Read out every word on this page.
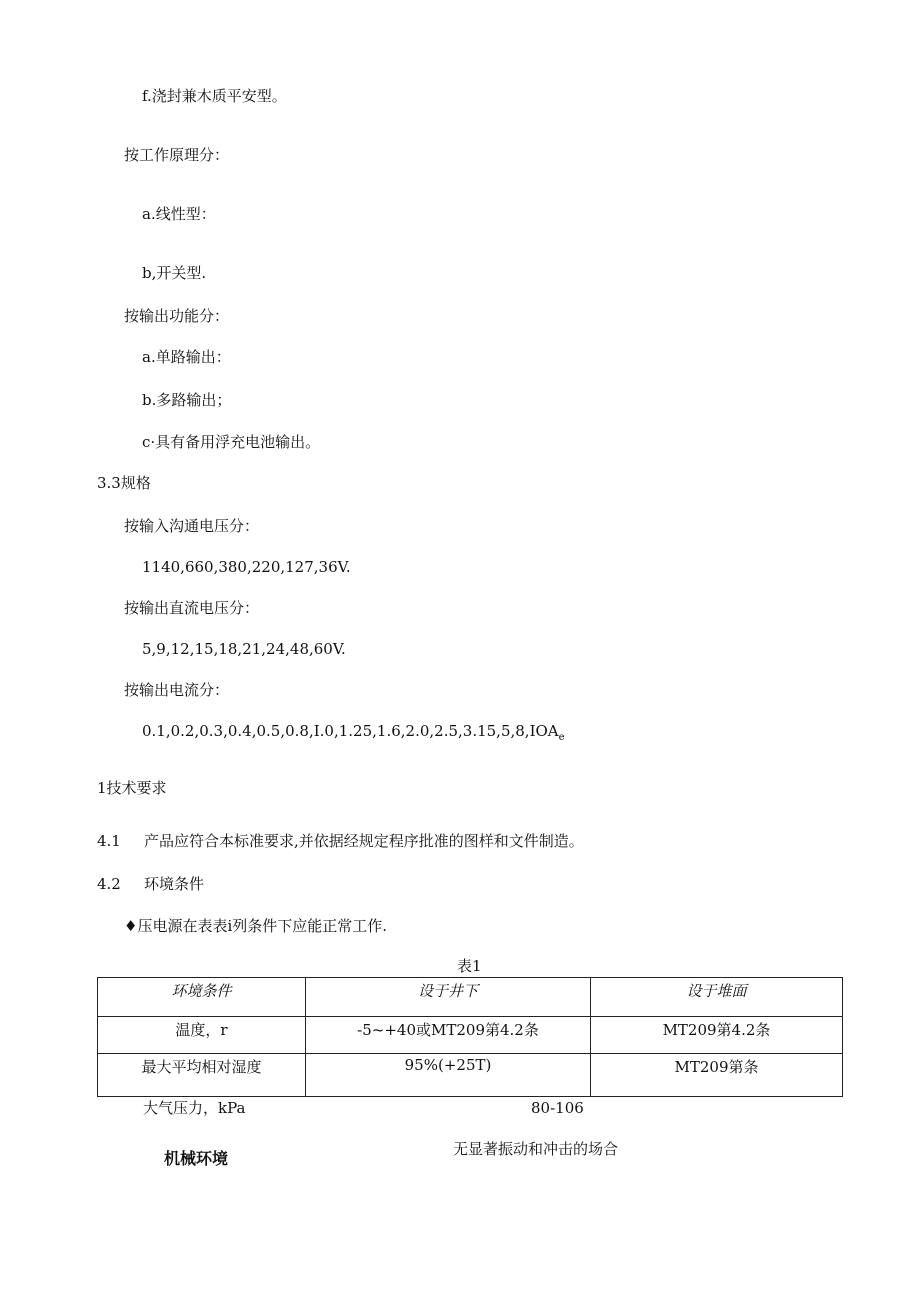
f.浇封兼木质平安型。
按工作原理分：
a.线性型：
b,开关型.
按输出功能分：
a.单路输出：
b.多路输出；
c·具有备用浮充电池输出。
3.3规格
按输入沟通电压分：
1140,660,380,220,127,36V.
按输出直流电压分：
5,9,12,15,18,21,24,48,60V.
按输出电流分：
$0.1,0.2,0.3,0.4,0.5,0.8,I.0,1.25,1.6,2.0,2.5,3.15,5,8,IOA_e$
1技术要求
4.1 产品应符合本标准要求,并依据经规定程序批准的图样和文件制造。
4.2 环境条件
♦压电源在表表i列条件下应能正常工作.
表1
环境条件	设于井下	设于堆面
温度，r	-5~+40或MT209第4.2条	MT209第4.2条
最大平均相对湿度	95%(+25T)	MT209第条
大气压力，kPa	80-106
机械环境	无显著振动和冲击的场合
